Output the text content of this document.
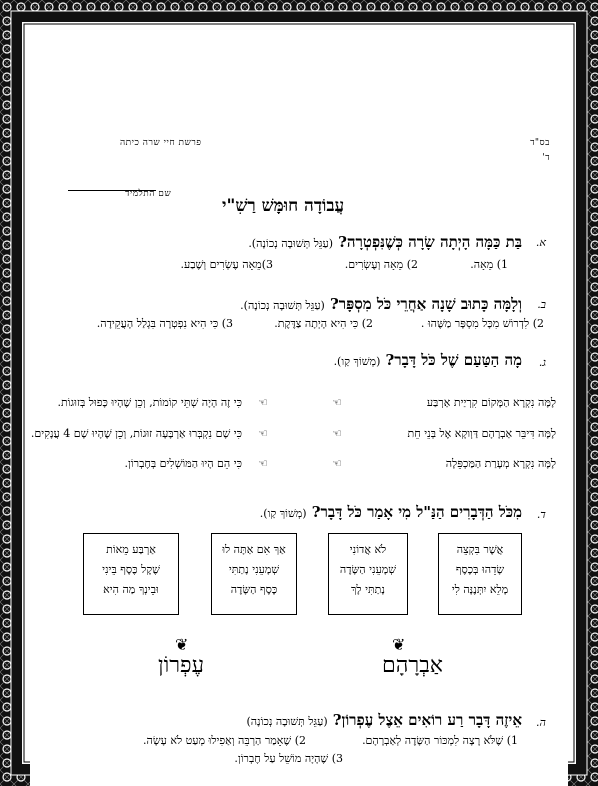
בס"ד
ד'
פרשת חיי שרה כיתה
שם התלמיד
עֲבוֹדָה חוּמָּשׁ רַשִׁ"י
א.
בַּת כַּמָּה הָיְתָה שָׂרָה כְּשֶׁנִּפְטְרָה? (עַגֵּל תְּשׁוּבָה נְכוֹנָה).
1) מֵאָה.
2) מֵאָה וְעֶשְׂרִים.
3)מֵאָה עֶשְׂרִים וְשֶׁבַע.
ב.
וְלָמָּה כָּתוּב שָׁנָה אַחֲרֵי כֹּל מִסְפָּר? (עַגֵּל תְּשׁוּבָה נְכוֹנָה).
2) לִדְרוֹשׁ מִכָּל מִסְפָּר מַשֶּׁהוּ .
2) כִּי הִיא הָיְתָה צַדֶּקֶת.
3) כִּי הִיא נִפְטְרָה בִּגְלַל הָעֲקֵידָה.
ג.
מָה הַטַּעַם שֶׁל כֹּל דָּבָר? (מְשׁוֹךְ קַו).
לָמָּה נִקְרָא הַמָּקוֹם קִרְיַית אַרְבַּע
לָמָּה דִּיבֵּר אַבְרָהָם דַּוְוקָא אֶל בְּנֵי חֵת
לָמָּה נִקְרָא מְעָרַת הַמַּכְפֵּלָה
☜
☜
☜
☜
☜
☜
כִּי זֶה הָיָה שְׁתֵּי קוֹמוֹת, וְכֵן שֶׁהָיוּ כָּפוּל בְּזוּגוֹת.
כִּי שָׁם נִקְבְּרוּ אַרְבָּעָה זוּגוֹת, וְכֵן שֶׁהָיוּ שָׁם 4 עֲנָקִים.
כִּי הֵם הָיוּ הַמּוֹשְׁלִים בְּחֶבְרוֹן.
ד.
מִכֹּל הַדְּבָרִים הַנַּ"ל מִי אָמַר כֹּל דָּבָר? (מְשׁוֹךְ קַו).
אֲשֶׁר בִּקְצֵה
שָׂדֵהוּ בְּכֶסֶף
מָלֵא יִתְּנֶנָּה לִי
לֹא אֲדוֹנִי
שְׁמָעֵנִי הַשָּׂדֶה
נָתַתִּי לָךְ
אַךְ אִם אַתָּה לוּ
שְׁמָעֵנִי נָתַתִּי
כֶּסֶף הַשָּׂדֶה
אַרְבַּע מֵאוֹת
שֶׁקֶל כֶּסֶף בֵּינִי
וּבֵינְךָ מַה הִיא
❦
❦
אַבְרָהָם
עֶפְרוֹן
ה.
אֵיזֶה דָּבָר רַע רוֹאִים אֵצֶל עֶפְרוֹן? (עַגֵּל תְּשׁוּבָה נְכוֹנָה)
1) שֶׁלֹּא רָצָה לִמְכּוֹר הַשָּׂדֶה לְאַבְרָהָם.
2) שֶׁאָמַר הַרְבֵּה וְאַפִילוּ מְעַט לֹא עָשָׂה.
3) שֶׁהָיָה מוֹשֵׁל עַל חֶבְרוֹן.
